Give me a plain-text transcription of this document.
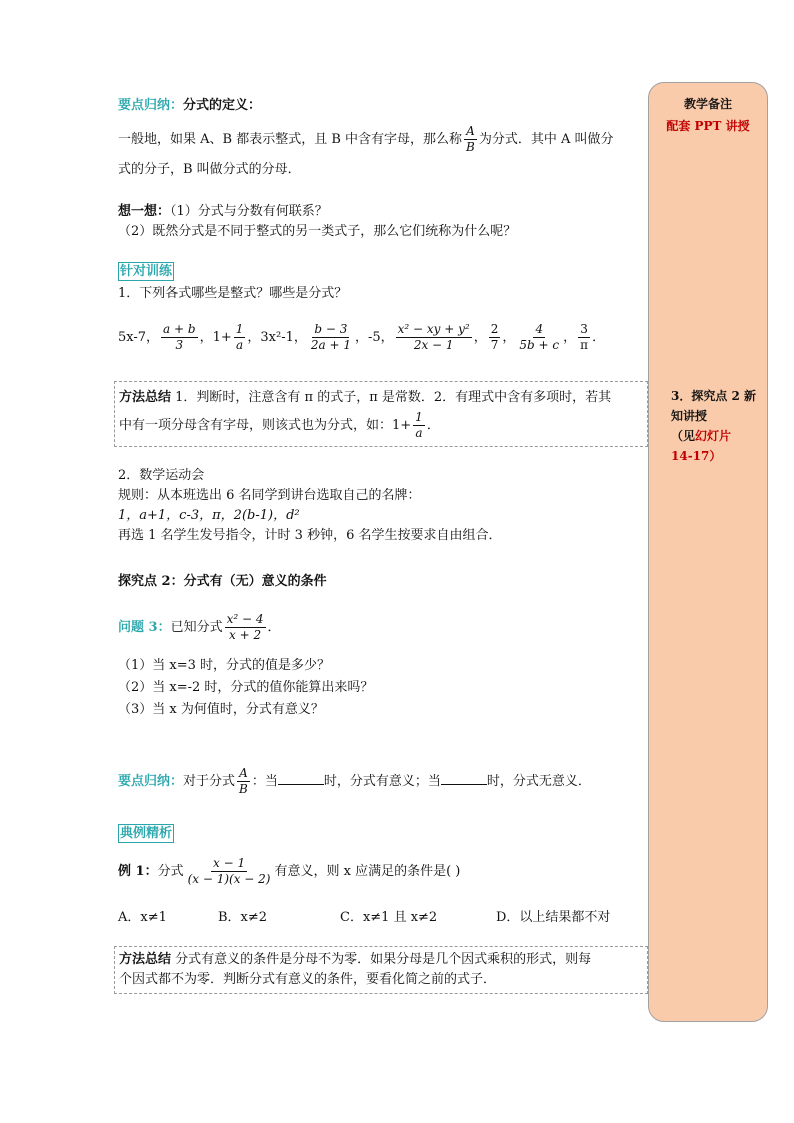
要点归纳：分式的定义：
一般地，如果 A、B 都表示整式，且 B 中含有字母，那么称 $\frac{A}{B}$ 为分式．其中 A 叫做分
式的分子，B 叫做分式的分母．
想一想：（1）分式与分数有何联系？
（2）既然分式是不同于整式的另一类式子，那么它们统称为什么呢？
针对训练
1．下列各式哪些是整式？哪些是分式？
5x-7， $\frac{a + b}{3}$ ，$1+ \frac{1}{a}$ ，3x²-1， $\frac{b - 3}{2a + 1}$ ，-5， $\frac{\text{x² − xy + y²}}{2x - 1}$ ， $\frac{2}{7}$ ， $\frac{4}{5b + c}$ ， $\frac{3}{\pi}$ ．
方法总结 1．判断时，注意含有 π 的式子，π 是常数．2．有理式中含有多项时，若其
中有一项分母含有字母，则该式也为分式，如：$1+ \frac{1}{a}$ ．
2．数学运动会
规则：从本班选出 6 名同学到讲台选取自己的名牌：
1，a+1，c-3，π，2(b-1)，d²
再选 1 名学生发号指令，计时 3 秒钟，6 名学生按要求自由组合．
探究点 2：分式有（无）意义的条件
问题 3：已知分式 $\frac{\text{x² − 4}}{x + 2}$ ．
（1）当 x=3 时，分式的值是多少？
（2）当 x=-2 时，分式的值你能算出来吗？
（3）当 x 为何值时，分式有意义？
要点归纳：对于分式 $\frac{A}{B}$ ：当	时，分式有意义；当	时，分式无意义．
典例精析
例 1：分式 $\frac{x - 1}{(x - 1)(x - 2)}$ 有意义，则 x 应满足的条件是( )
A．x≠1	B．x≠2	C．x≠1 且 x≠2	D．以上结果都不对
方法总结 分式有意义的条件是分母不为零．如果分母是几个因式乘积的形式，则每
个因式都不为零．判断分式有意义的条件，要看化简之前的式子．
教学备注
配套 PPT 讲授
3．探究点 2 新知讲授
（见幻灯片
14-17）
